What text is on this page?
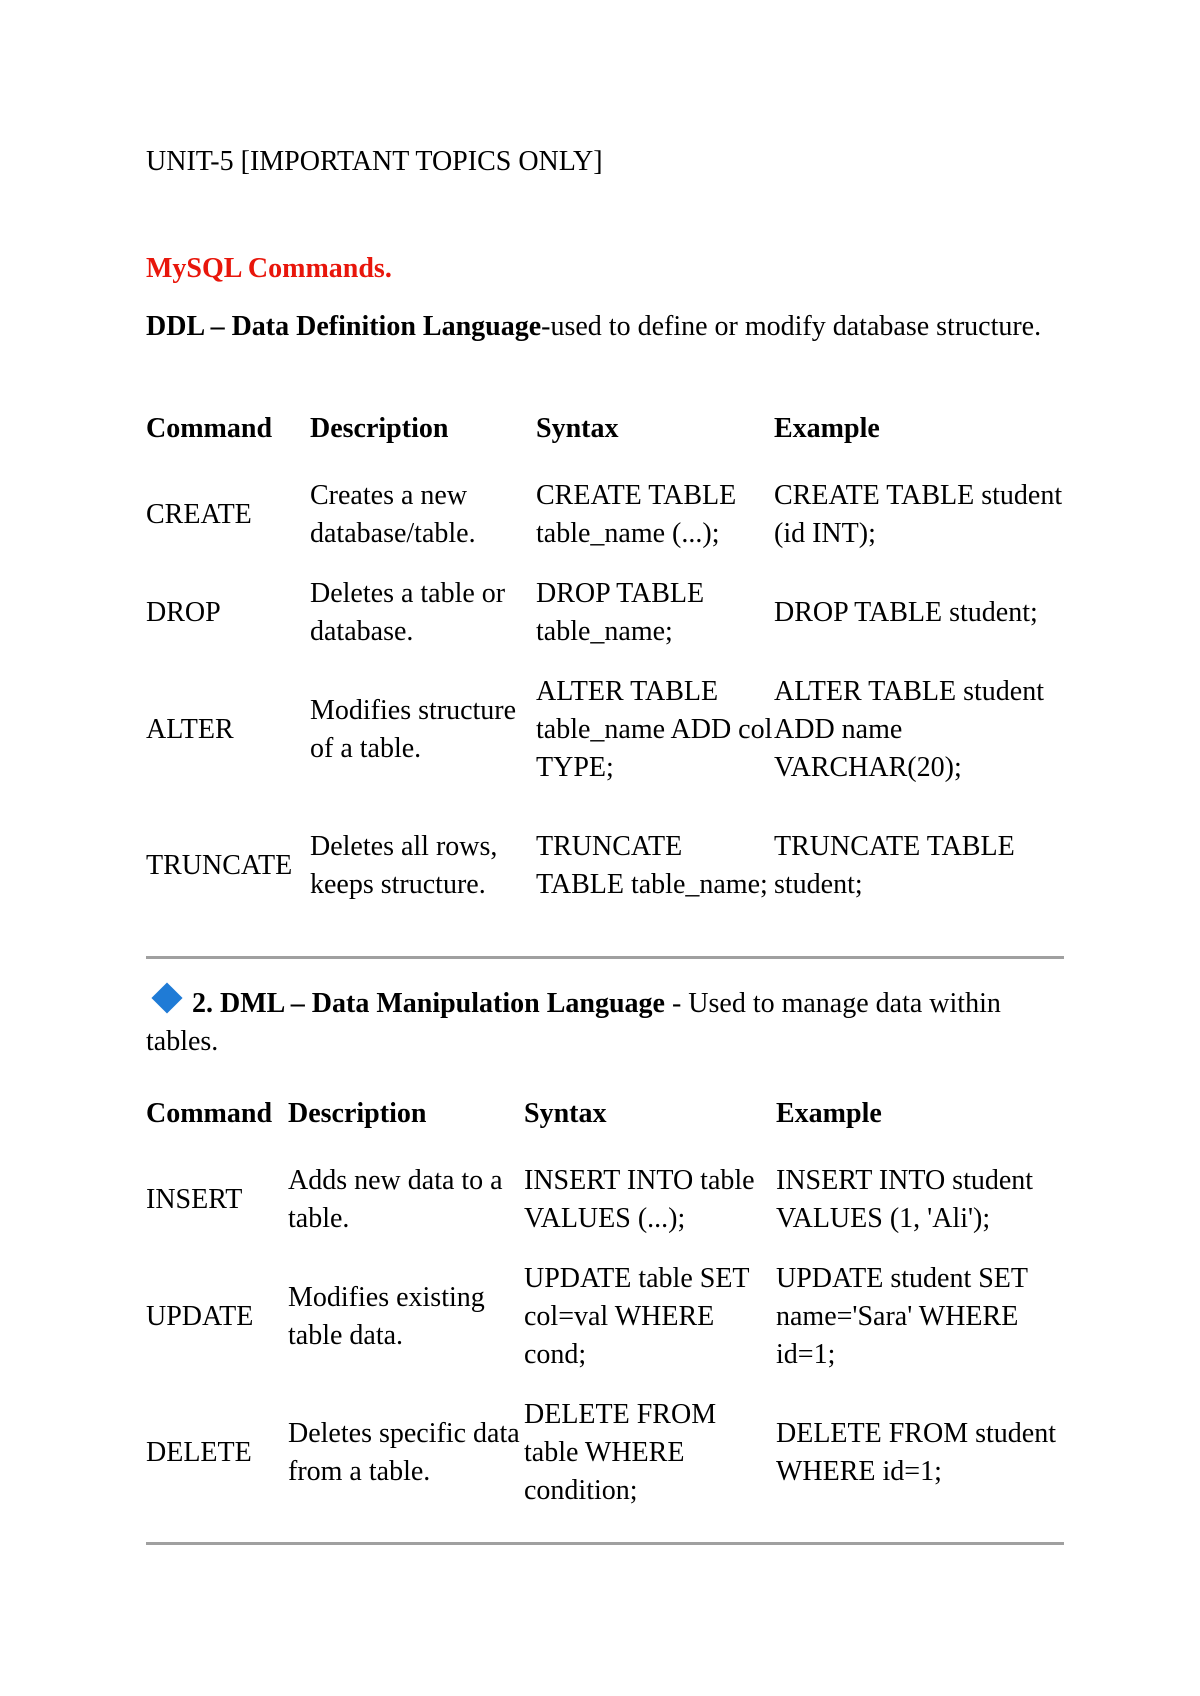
UNIT-5 [IMPORTANT TOPICS ONLY]
MySQL Commands.
DDL – Data Definition Language-used to define or modify database structure.
Command	Description	Syntax	Example
CREATE	Creates a new database/table.	CREATE TABLE table_name (...);	CREATE TABLE student (id INT);
DROP	Deletes a table or database.	DROP TABLE table_name;	DROP TABLE student;
ALTER	Modifies structure of a table.	ALTER TABLE table_name ADD col TYPE;	ALTER TABLE student ADD name VARCHAR(20);
TRUNCATE	Deletes all rows, keeps structure.	TRUNCATE TABLE table_name;	TRUNCATE TABLE student;
2. DML – Data Manipulation Language - Used to manage data within tables.
Command	Description	Syntax	Example
INSERT	Adds new data to a table.	INSERT INTO table VALUES (...);	INSERT INTO student VALUES (1, 'Ali');
UPDATE	Modifies existing table data.	UPDATE table SET col=val WHERE cond;	UPDATE student SET name='Sara' WHERE id=1;
DELETE	Deletes specific data from a table.	DELETE FROM table WHERE condition;	DELETE FROM student WHERE id=1;
